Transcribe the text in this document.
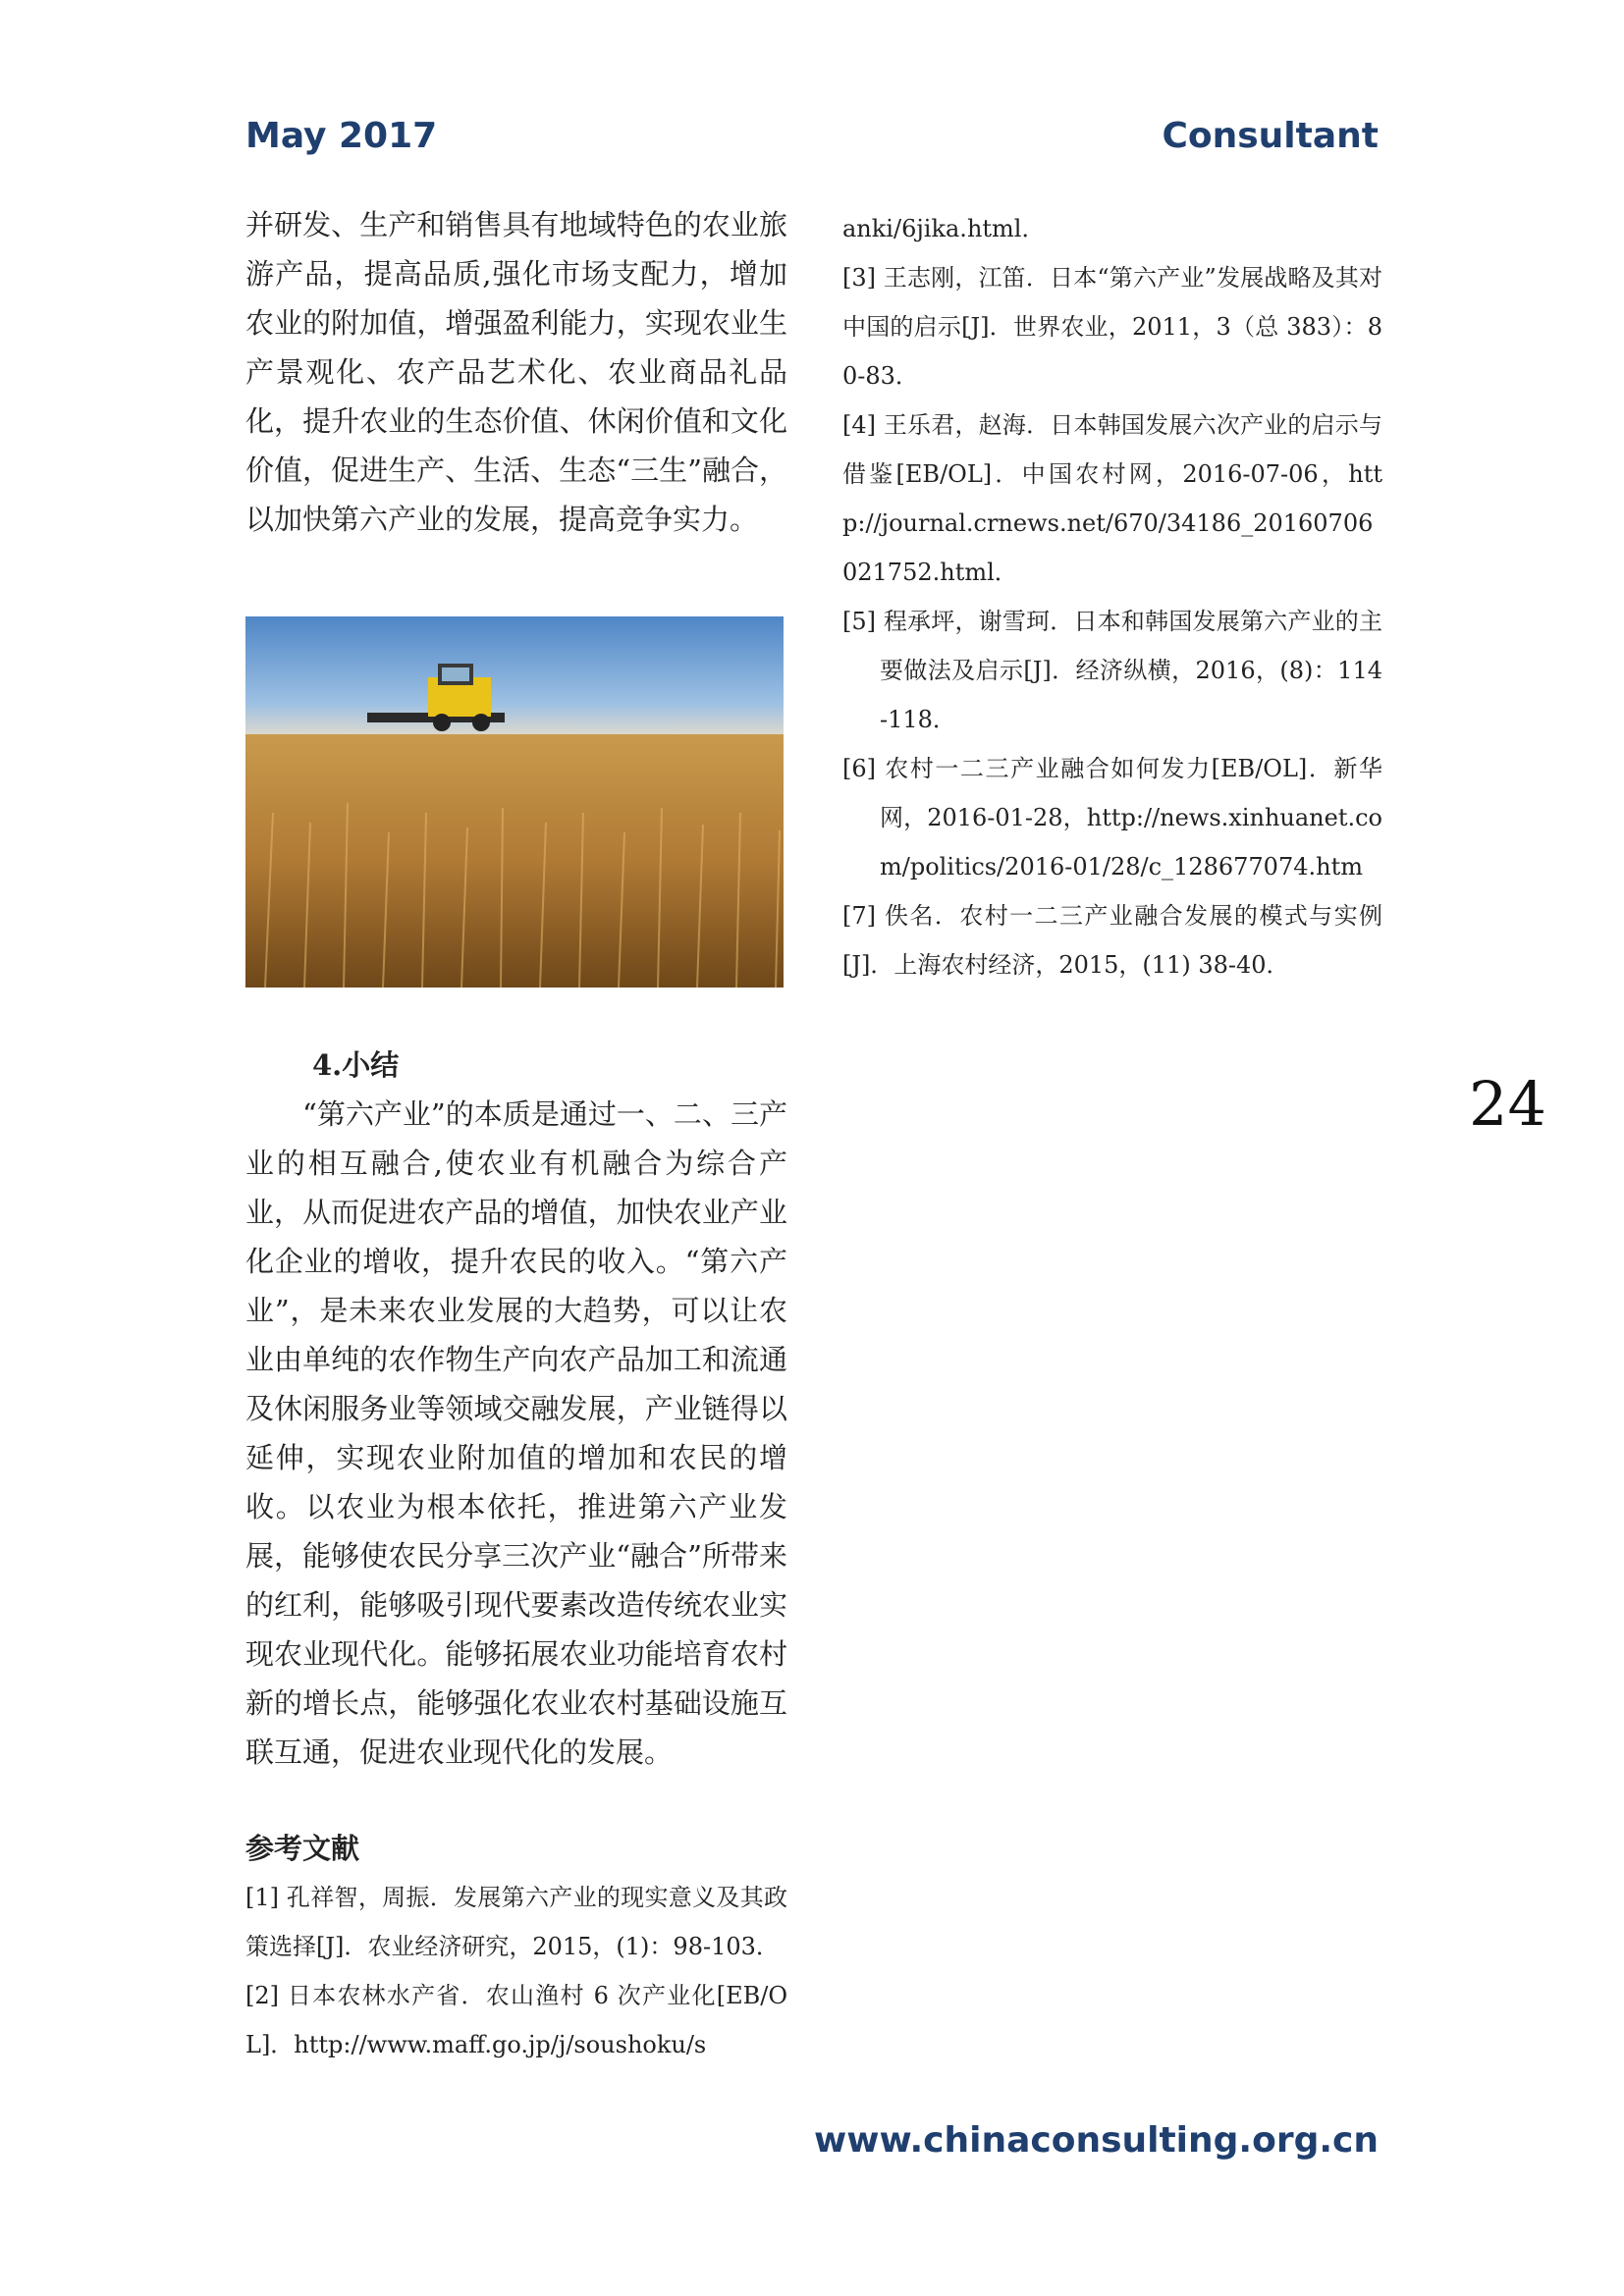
May 2017	Consultant

并研发、生产和销售具有地域特色的农业旅游产品，提高品质,强化市场支配力，增加农业的附加值，增强盈利能力，实现农业生产景观化、农产品艺术化、农业商品礼品化，提升农业的生态价值、休闲价值和文化价值，促进生产、生活、生态“三生”融合，以加快第六产业的发展，提高竞争实力。

4.小结

“第六产业”的本质是通过一、二、三产业的相互融合,使农业有机融合为综合产业，从而促进农产品的增值，加快农业产业化企业的增收，提升农民的收入。“第六产业”，是未来农业发展的大趋势，可以让农业由单纯的农作物生产向农产品加工和流通及休闲服务业等领域交融发展，产业链得以延伸，实现农业附加值的增加和农民的增收。以农业为根本依托，推进第六产业发展，能够使农民分享三次产业“融合”所带来的红利，能够吸引现代要素改造传统农业实现农业现代化。能够拓展农业功能培育农村新的增长点，能够强化农业农村基础设施互联互通，促进农业现代化的发展。

参考文献

[1] 孔祥智，周振．发展第六产业的现实意义及其政策选择[J]．农业经济研究，2015，(1)：98-103．

[2] 日本农林水产省．农山渔村 6 次产业化[EB/OL]．http://www.maff.go.jp/j/soushoku/s

anki/6jika.html．

[3] 王志刚，江笛．日本“第六产业”发展战略及其对中国的启示[J]．世界农业，2011，3（总 383）：80-83．

[4] 王乐君，赵海．日本韩国发展六次产业的启示与借鉴[EB/OL]．中国农村网，2016-07-06，http://journal.crnews.net/670/34186_20160706021752.html．

[5] 程承坪，谢雪珂．日本和韩国发展第六产业的主要做法及启示[J]．经济纵横，2016，(8)：114-118．

[6] 农村一二三产业融合如何发力[EB/OL]．新华网，2016-01-28，http://news.xinhuanet.com/politics/2016-01/28/c_128677074.htm

[7] 佚名．农村一二三产业融合发展的模式与实例[J]．上海农村经济，2015，(11) 38-40．

24
www.chinaconsulting.org.cn
